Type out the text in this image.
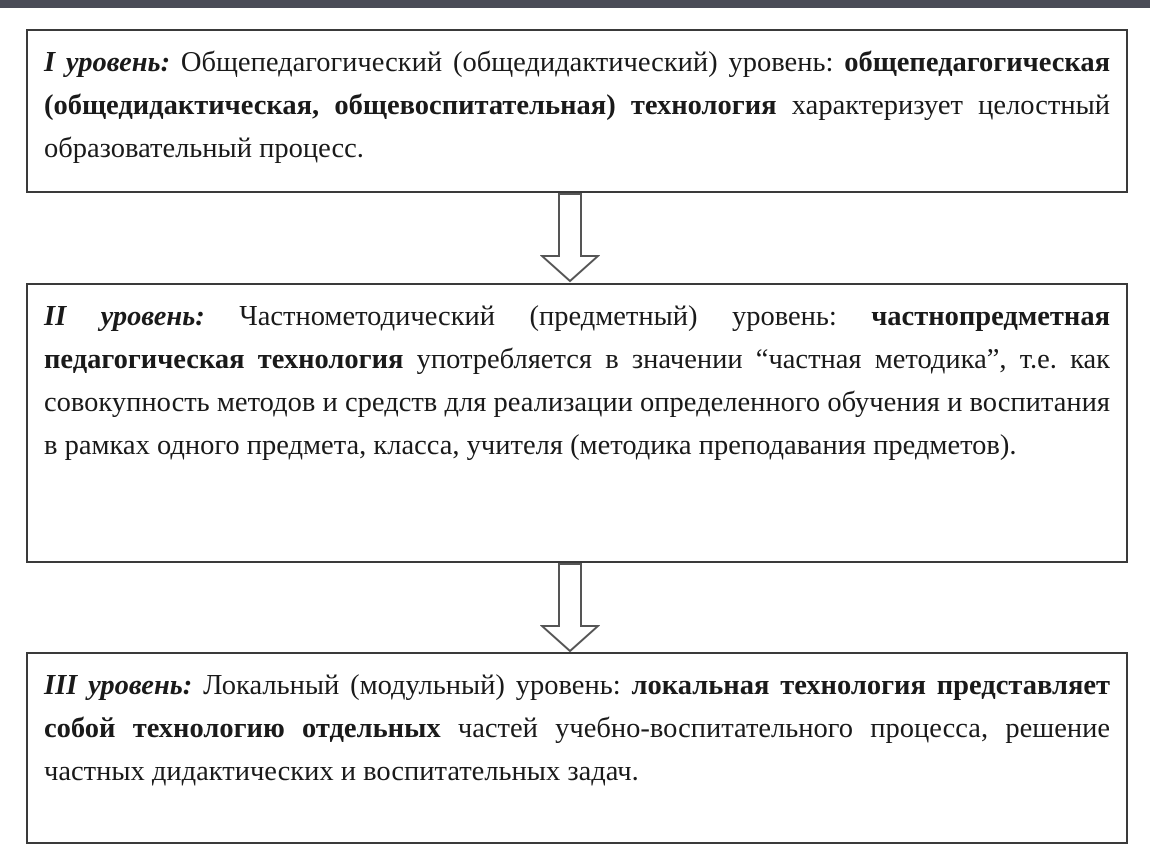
I уровень: Общепедагогический (общедидактический) уровень: общепедагогическая (общедидактическая, общевоспитательная) технология характеризует целостный образовательный процесс.
II уровень: Частнометодический (предметный) уровень: частнопредметная педагогическая технология употребляется в значении “частная методика”, т.е. как совокупность методов и средств для реализации определенного обучения и воспитания в рамках одного предмета, класса, учителя (методика преподавания предметов).
III уровень: Локальный (модульный) уровень: локальная технология представляет собой технологию отдельных частей учебно-воспитательного процесса, решение частных дидактических и воспитательных задач.
